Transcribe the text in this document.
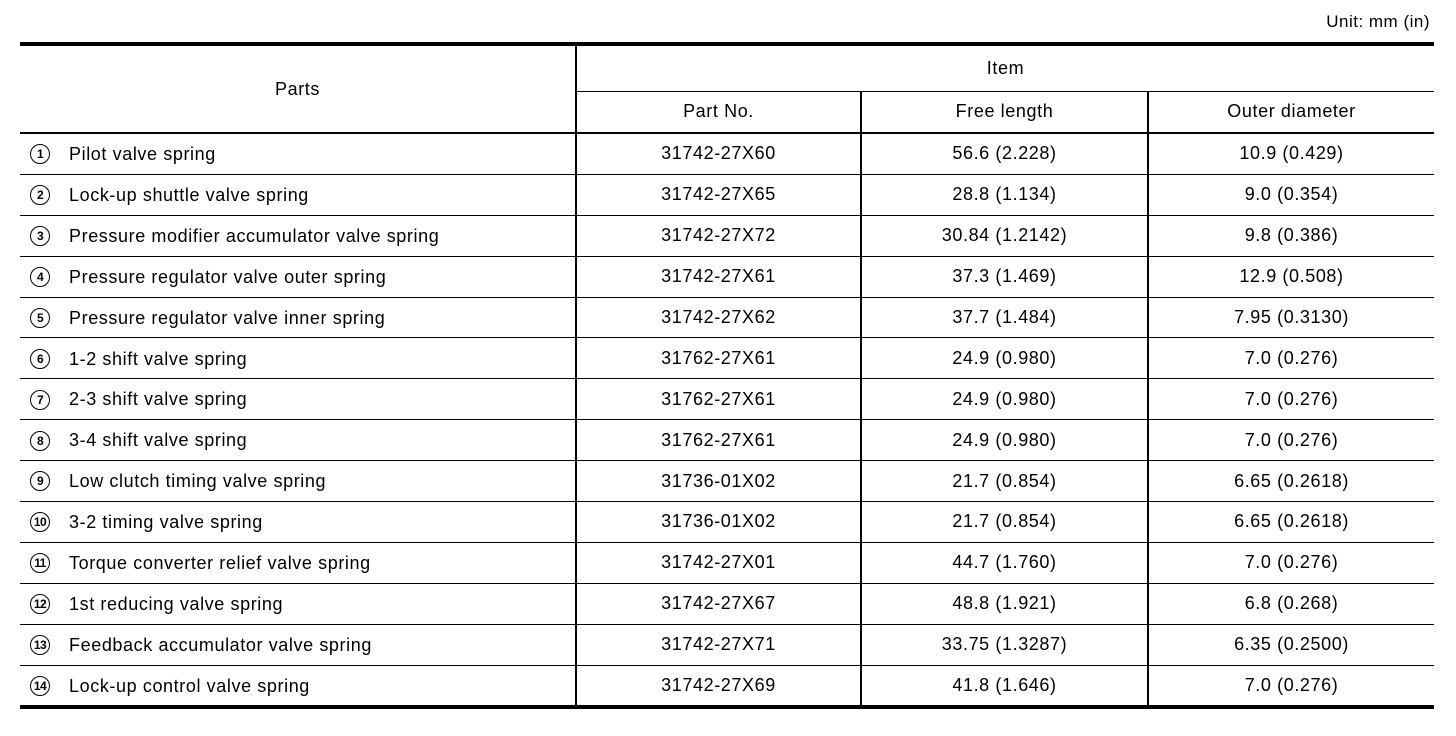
Unit: mm (in)
Parts	Item		
	Part No.	Free length	Outer diameter
1 Pilot valve spring	31742-27X60	56.6 (2.228)	10.9 (0.429)
2 Lock-up shuttle valve spring	31742-27X65	28.8 (1.134)	9.0 (0.354)
3 Pressure modifier accumulator valve spring	31742-27X72	30.84 (1.2142)	9.8 (0.386)
4 Pressure regulator valve outer spring	31742-27X61	37.3 (1.469)	12.9 (0.508)
5 Pressure regulator valve inner spring	31742-27X62	37.7 (1.484)	7.95 (0.3130)
6 1-2 shift valve spring	31762-27X61	24.9 (0.980)	7.0 (0.276)
7 2-3 shift valve spring	31762-27X61	24.9 (0.980)	7.0 (0.276)
8 3-4 shift valve spring	31762-27X61	24.9 (0.980)	7.0 (0.276)
9 Low clutch timing valve spring	31736-01X02	21.7 (0.854)	6.65 (0.2618)
10 3-2 timing valve spring	31736-01X02	21.7 (0.854)	6.65 (0.2618)
11 Torque converter relief valve spring	31742-27X01	44.7 (1.760)	7.0 (0.276)
12 1st reducing valve spring	31742-27X67	48.8 (1.921)	6.8 (0.268)
13 Feedback accumulator valve spring	31742-27X71	33.75 (1.3287)	6.35 (0.2500)
14 Lock-up control valve spring	31742-27X69	41.8 (1.646)	7.0 (0.276)
